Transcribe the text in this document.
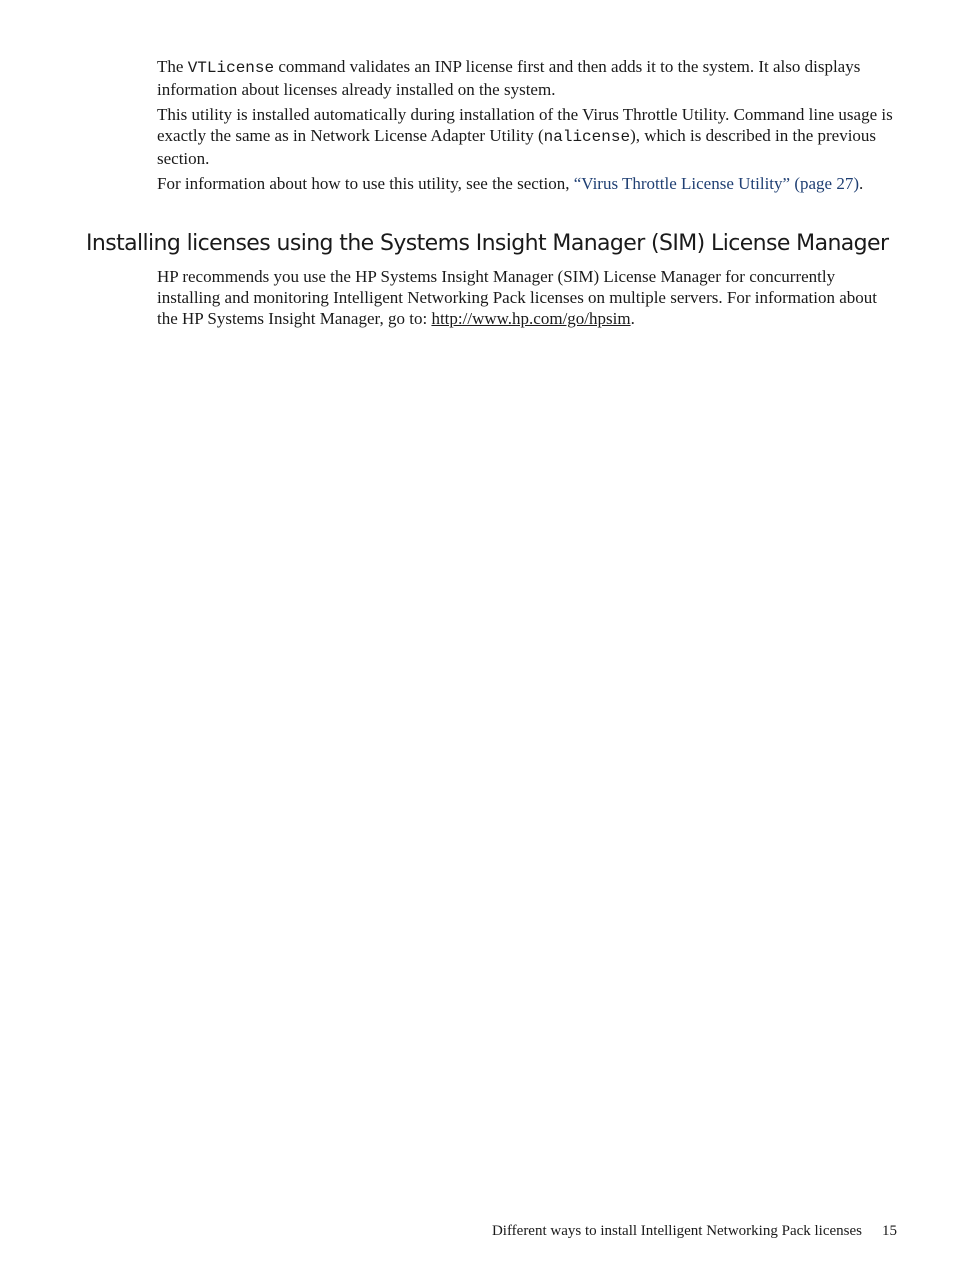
The VTLicense command validates an INP license first and then adds it to the system. It also displays information about licenses already installed on the system.

This utility is installed automatically during installation of the Virus Throttle Utility. Command line usage is exactly the same as in Network License Adapter Utility (nalicense), which is described in the previous section.

For information about how to use this utility, see the section, “Virus Throttle License Utility” (page 27).

Installing licenses using the Systems Insight Manager (SIM) License Manager

HP recommends you use the HP Systems Insight Manager (SIM) License Manager for concurrently installing and monitoring Intelligent Networking Pack licenses on multiple servers. For information about the HP Systems Insight Manager, go to: http://www.hp.com/go/hpsim.

Different ways to install Intelligent Networking Pack licenses 15
